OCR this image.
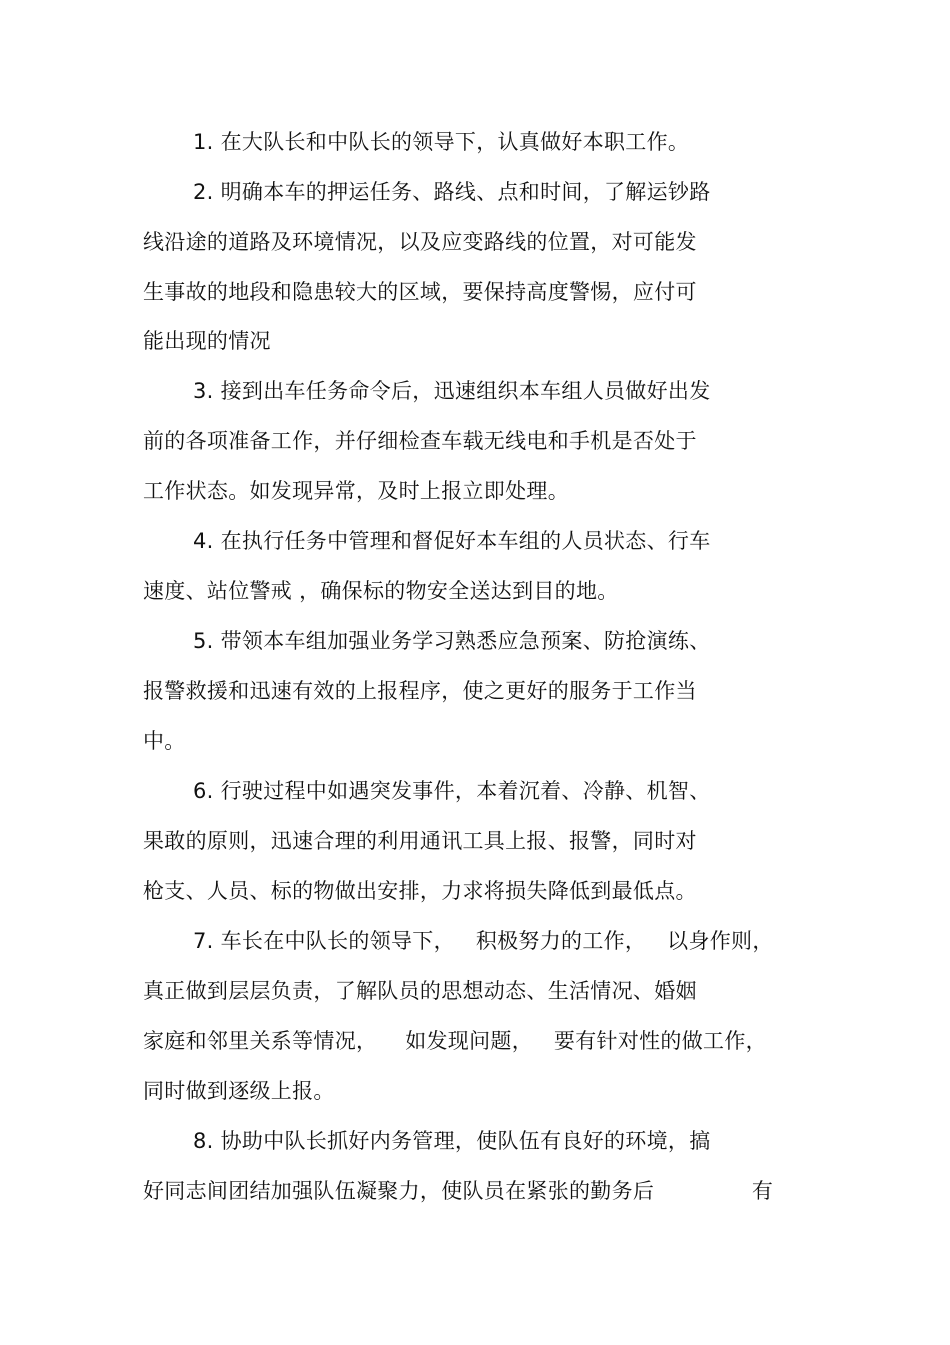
1. 在大队长和中队长的领导下，认真做好本职工作。
2. 明确本车的押运任务、路线、点和时间，了解运钞路
线沿途的道路及环境情况，以及应变路线的位置，对可能发
生事故的地段和隐患较大的区域，要保持高度警惕，应付可
能出现的情况
3. 接到出车任务命令后，迅速组织本车组人员做好出发
前的各项准备工作，并仔细检查车载无线电和手机是否处于
工作状态。如发现异常，及时上报立即处理。
4. 在执行任务中管理和督促好本车组的人员状态、行车
速度、站位警戒 ，确保标的物安全送达到目的地。
5. 带领本车组加强业务学习熟悉应急预案、防抢演练、
报警救援和迅速有效的上报程序，使之更好的服务于工作当
中。
6. 行驶过程中如遇突发事件，本着沉着、冷静、机智、
果敢的原则，迅速合理的利用通讯工具上报、报警，同时对
枪支、人员、标的物做出安排，力求将损失降低到最低点。
7. 车长在中队长的领导下，   积极努力的工作，   以身作则，
真正做到层层负责，了解队员的思想动态、生活情况、婚姻
家庭和邻里关系等情况，    如发现问题，   要有针对性的做工作，
同时做到逐级上报。
8. 协助中队长抓好内务管理，使队伍有良好的环境，搞
好同志间团结加强队伍凝聚力，使队员在紧张的勤务后              有
